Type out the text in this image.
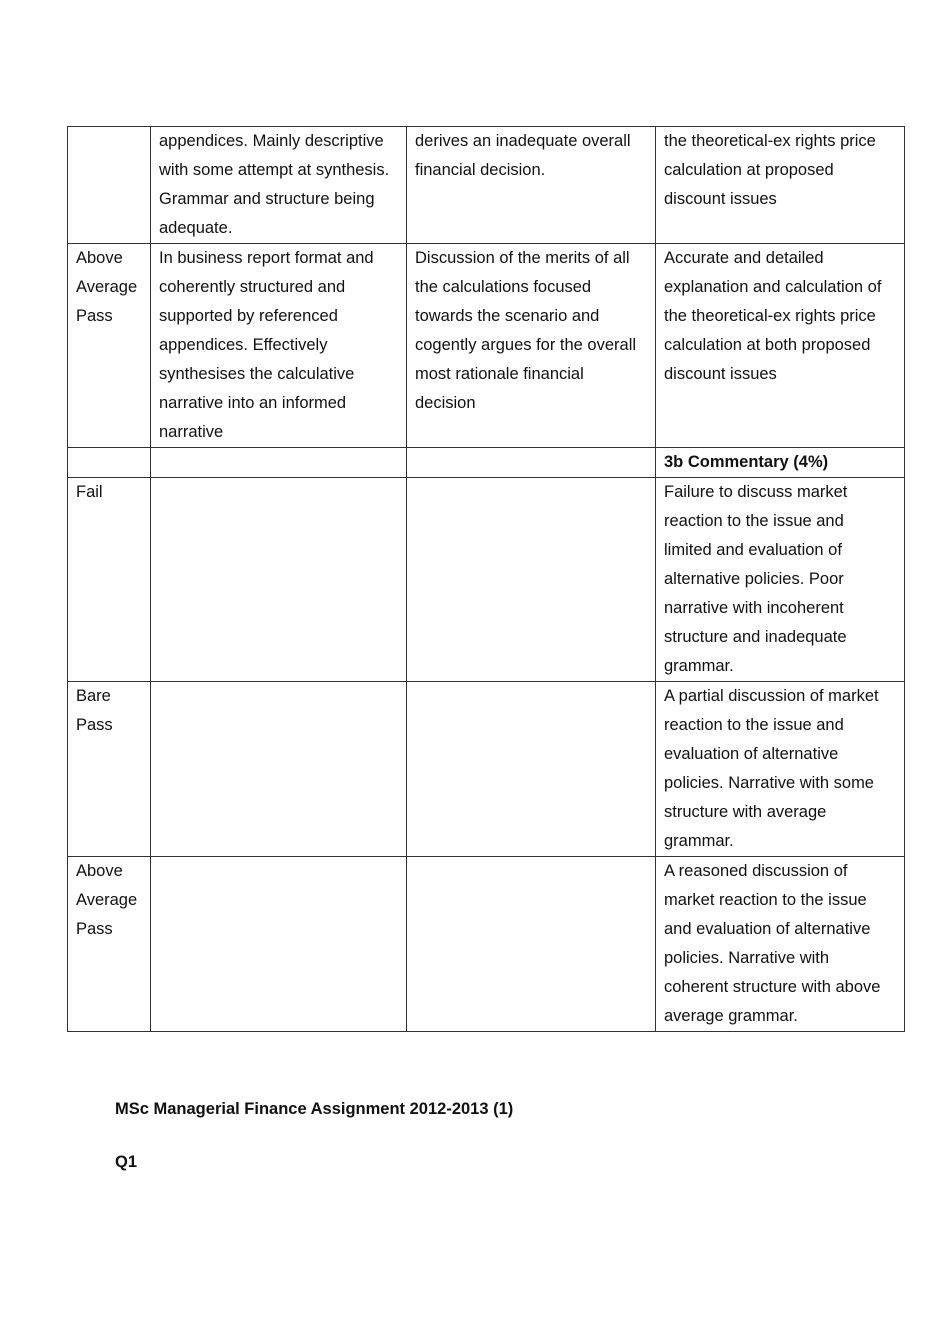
	appendices. Mainly descriptive with some attempt at synthesis. Grammar and structure being adequate.	derives an inadequate overall financial decision.	the theoretical-ex rights price calculation at proposed discount issues
Above Average Pass	In business report format and coherently structured and supported by referenced appendices. Effectively synthesises the calculative narrative into an informed narrative	Discussion of the merits of all the calculations focused towards the scenario and cogently argues for the overall most rationale financial decision	Accurate and detailed explanation and calculation of the theoretical-ex rights price calculation at both proposed discount issues
			3b Commentary (4%)
Fail			Failure to discuss market reaction to the issue and limited and evaluation of alternative policies. Poor narrative with incoherent structure and inadequate grammar.
Bare Pass			A partial discussion of market reaction to the issue and evaluation of alternative policies. Narrative with some structure with average grammar.
Above Average Pass			A reasoned discussion of market reaction to the issue and evaluation of alternative policies. Narrative with coherent structure with above average grammar.
MSc Managerial Finance Assignment 2012-2013 (1)
Q1
